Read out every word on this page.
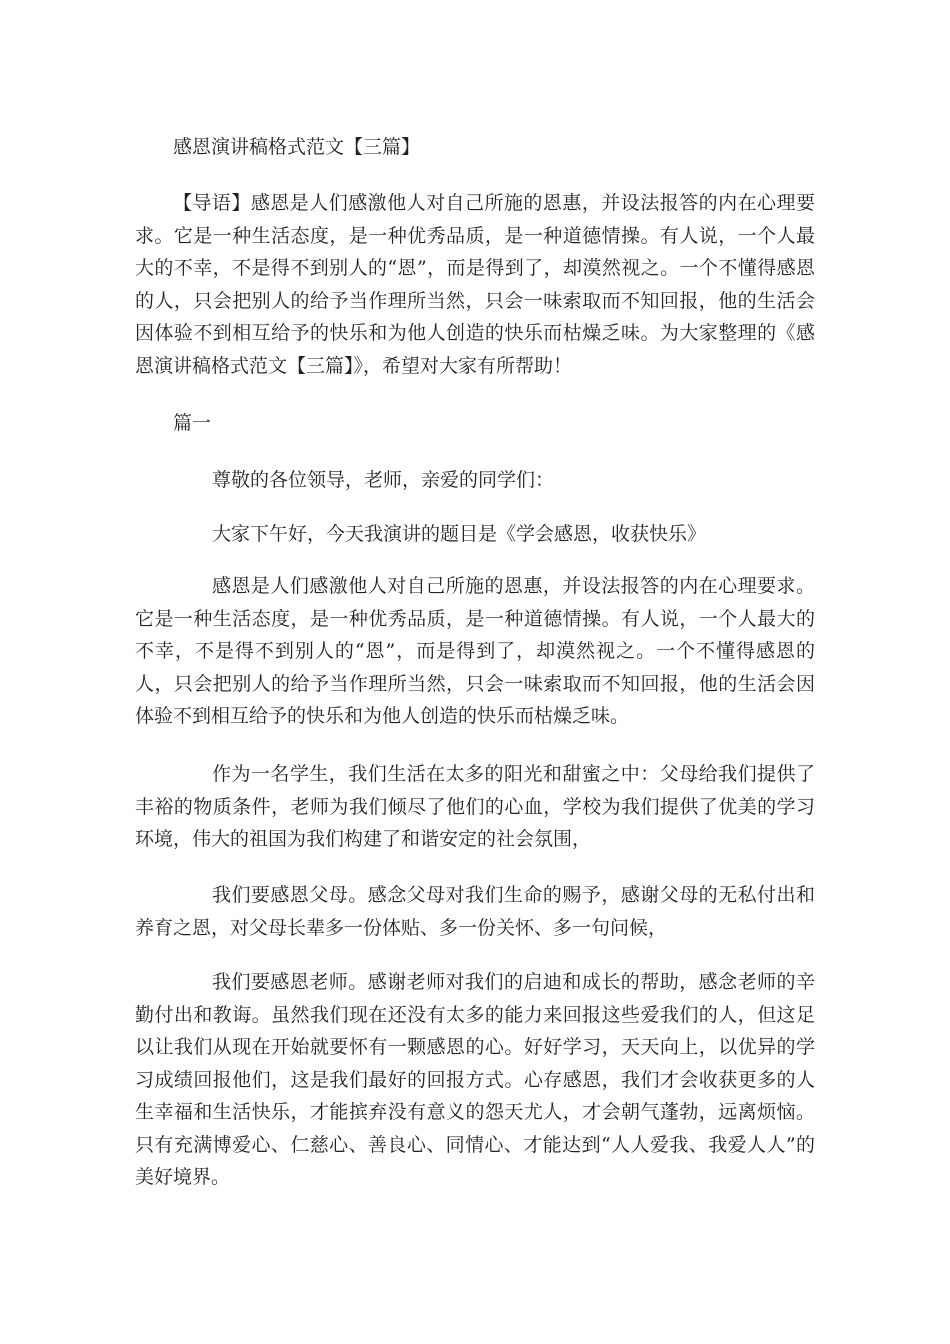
感恩演讲稿格式范文【三篇】

【导语】感恩是人们感激他人对自己所施的恩惠，并设法报答的内在心理要求。它是一种生活态度，是一种优秀品质，是一种道德情操。有人说，一个人最大的不幸，不是得不到别人的“恩”，而是得到了，却漠然视之。一个不懂得感恩的人，只会把别人的给予当作理所当然，只会一味索取而不知回报，他的生活会因体验不到相互给予的快乐和为他人创造的快乐而枯燥乏味。为大家整理的《感恩演讲稿格式范文【三篇】》，希望对大家有所帮助！

篇一

尊敬的各位领导，老师，亲爱的同学们：

大家下午好，今天我演讲的题目是《学会感恩，收获快乐》

感恩是人们感激他人对自己所施的恩惠，并设法报答的内在心理要求。它是一种生活态度，是一种优秀品质，是一种道德情操。有人说，一个人最大的不幸，不是得不到别人的“恩”，而是得到了，却漠然视之。一个不懂得感恩的人，只会把别人的给予当作理所当然，只会一味索取而不知回报，他的生活会因体验不到相互给予的快乐和为他人创造的快乐而枯燥乏味。

作为一名学生，我们生活在太多的阳光和甜蜜之中：父母给我们提供了丰裕的物质条件，老师为我们倾尽了他们的心血，学校为我们提供了优美的学习环境，伟大的祖国为我们构建了和谐安定的社会氛围，

我们要感恩父母。感念父母对我们生命的赐予，感谢父母的无私付出和养育之恩，对父母长辈多一份体贴、多一份关怀、多一句问候，

我们要感恩老师。感谢老师对我们的启迪和成长的帮助，感念老师的辛勤付出和教诲。虽然我们现在还没有太多的能力来回报这些爱我们的人，但这足以让我们从现在开始就要怀有一颗感恩的心。好好学习，天天向上，以优异的学习成绩回报他们，这是我们最好的回报方式。心存感恩，我们才会收获更多的人生幸福和生活快乐，才能摈弃没有意义的怨天尤人，才会朝气蓬勃，远离烦恼。只有充满博爱心、仁慈心、善良心、同情心、才能达到“人人爱我、我爱人人”的美好境界。
